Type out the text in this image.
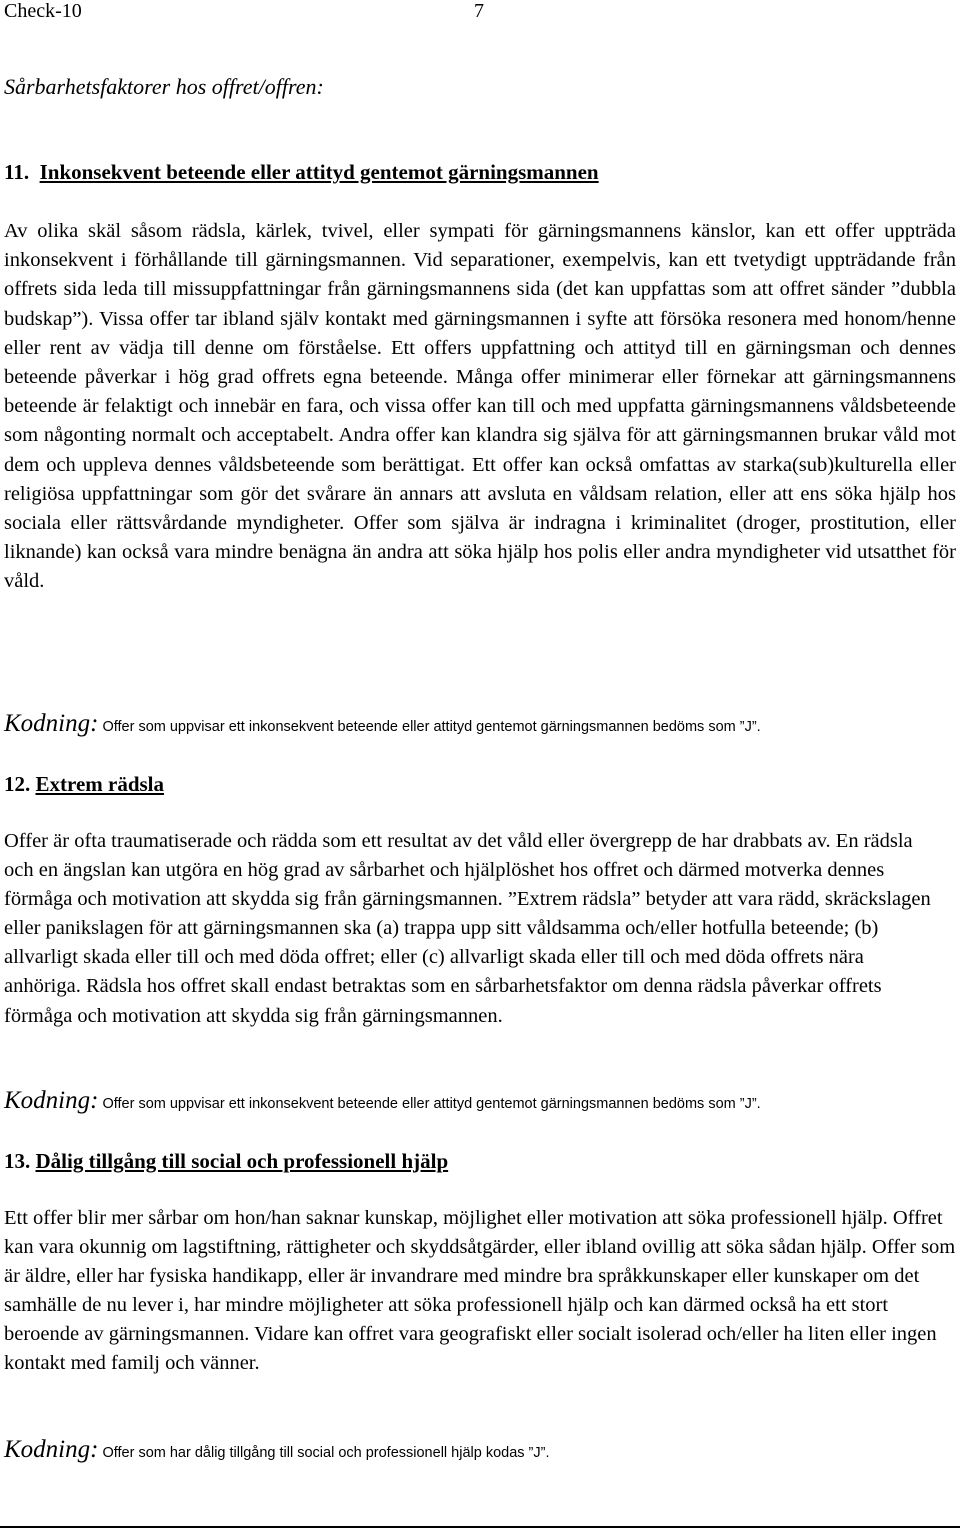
Check-10	7
Sårbarhetsfaktorer hos offret/offren:
11. Inkonsekvent beteende eller attityd gentemot gärningsmannen

Av olika skäl såsom rädsla, kärlek, tvivel, eller sympati för gärningsmannens känslor, kan ett offer uppträda inkonsekvent i förhållande till gärningsmannen. Vid separationer, exempelvis, kan ett tvetydigt uppträdande från offrets sida leda till missuppfattningar från gärningsmannens sida (det kan uppfattas som att offret sänder ”dubbla budskap”). Vissa offer tar ibland själv kontakt med gärningsmannen i syfte att försöka resonera med honom/henne eller rent av vädja till denne om förståelse. Ett offers uppfattning och attityd till en gärningsman och dennes beteende påverkar i hög grad offrets egna beteende. Många offer minimerar eller förnekar att gärningsmannens beteende är felaktigt och innebär en fara, och vissa offer kan till och med uppfatta gärningsmannens våldsbeteende som någonting normalt och acceptabelt. Andra offer kan klandra sig själva för att gärningsmannen brukar våld mot dem och uppleva dennes våldsbeteende som berättigat. Ett offer kan också omfattas av starka(sub)kulturella eller religiösa uppfattningar som gör det svårare än annars att avsluta en våldsam relation, eller att ens söka hjälp hos sociala eller rättsvårdande myndigheter. Offer som själva är indragna i kriminalitet (droger, prostitution, eller liknande) kan också vara mindre benägna än andra att söka hjälp hos polis eller andra myndigheter vid utsatthet för våld.

Kodning: Offer som uppvisar ett inkonsekvent beteende eller attityd gentemot gärningsmannen bedöms som ”J”.
12. Extrem rädsla

Offer är ofta traumatiserade och rädda som ett resultat av det våld eller övergrepp de har drabbats av. En rädsla och en ängslan kan utgöra en hög grad av sårbarhet och hjälplöshet hos offret och därmed motverka dennes förmåga och motivation att skydda sig från gärningsmannen. ”Extrem rädsla” betyder att vara rädd, skräckslagen eller panikslagen för att gärningsmannen ska (a) trappa upp sitt våldsamma och/eller hotfulla beteende; (b) allvarligt skada eller till och med döda offret; eller (c) allvarligt skada eller till och med döda offrets nära anhöriga. Rädsla hos offret skall endast betraktas som en sårbarhetsfaktor om denna rädsla påverkar offrets förmåga och motivation att skydda sig från gärningsmannen.

Kodning: Offer som uppvisar ett inkonsekvent beteende eller attityd gentemot gärningsmannen bedöms som ”J”.
13. Dålig tillgång till social och professionell hjälp

Ett offer blir mer sårbar om hon/han saknar kunskap, möjlighet eller motivation att söka professionell hjälp. Offret kan vara okunnig om lagstiftning, rättigheter och skyddsåtgärder, eller ibland ovillig att söka sådan hjälp. Offer som är äldre, eller har fysiska handikapp, eller är invandrare med mindre bra språkkunskaper eller kunskaper om det samhälle de nu lever i, har mindre möjligheter att söka professionell hjälp och kan därmed också ha ett stort beroende av gärningsmannen. Vidare kan offret vara geografiskt eller socialt isolerad och/eller ha liten eller ingen kontakt med familj och vänner.

Kodning: Offer som har dålig tillgång till social och professionell hjälp kodas ”J”.
